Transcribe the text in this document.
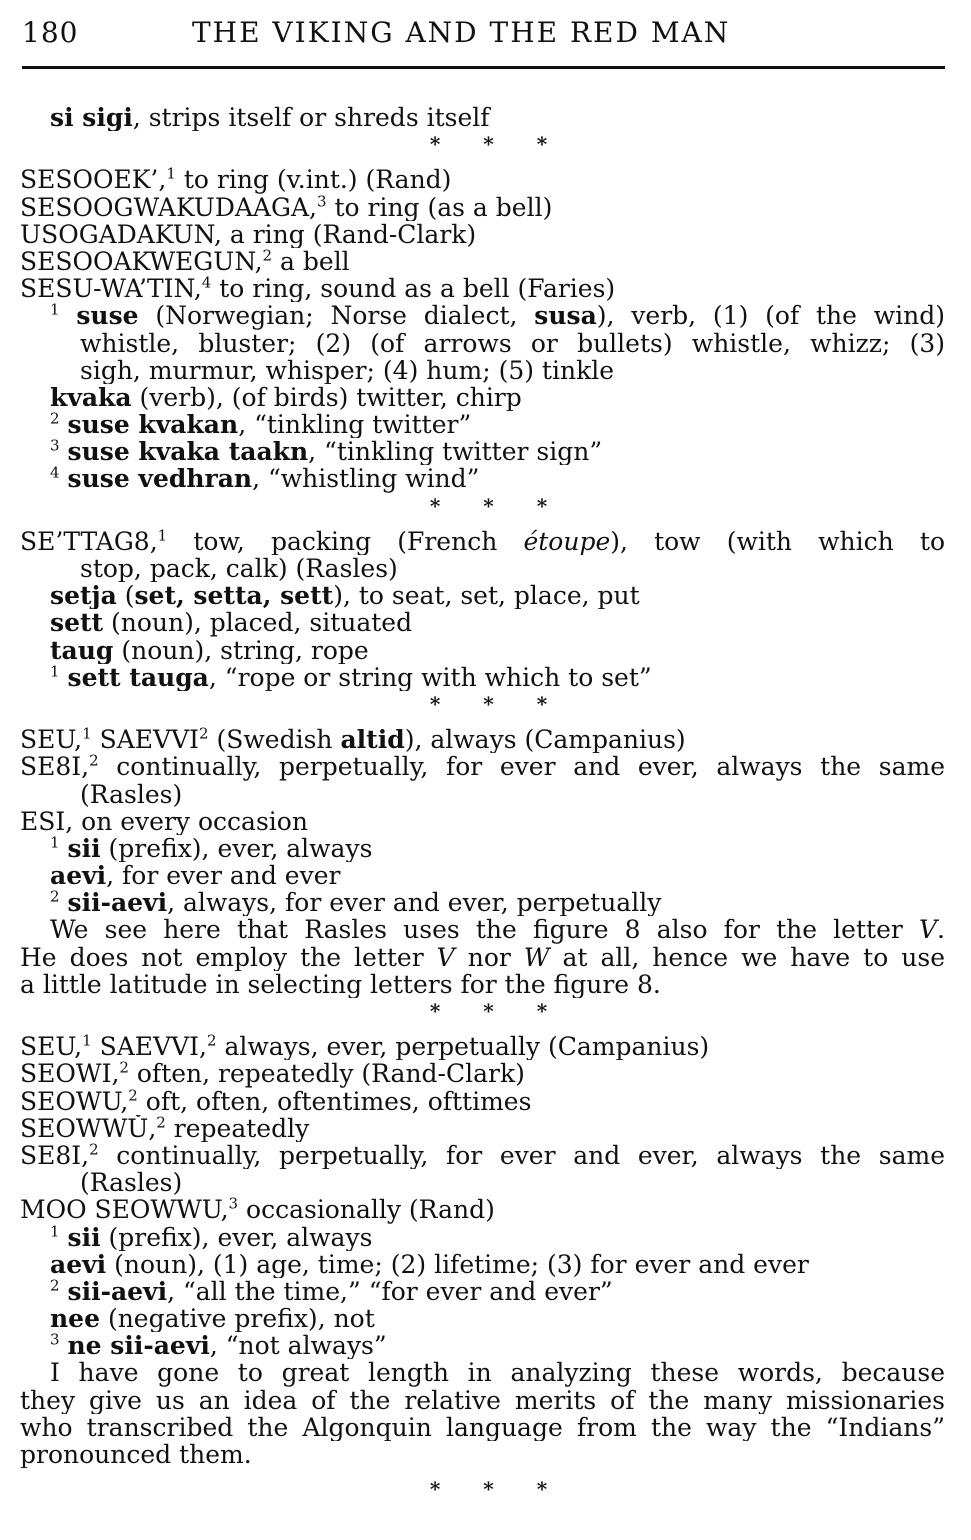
180	THE VIKING AND THE RED MAN
si sigi, strips itself or shreds itself
* * *
SESOOEK’,$^1$ to ring (v.int.) (Rand)
SESOOGWAKUDAAGA,$^3$ to ring (as a bell)
USOGADAKUN, a ring (Rand-Clark)
SESOOAKWEGUN,$^2$ a bell
SESU-WA’TIN,$^4$ to ring, sound as a bell (Faries)
$^1$ suse (Norwegian; Norse dialect, susa), verb, (1) (of the wind)
whistle, bluster; (2) (of arrows or bullets) whistle, whizz; (3)
sigh, murmur, whisper; (4) hum; (5) tinkle
kvaka (verb), (of birds) twitter, chirp
$^2$ suse kvakan, “tinkling twitter”
$^3$ suse kvaka taakn, “tinkling twitter sign”
$^4$ suse vedhran, “whistling wind”
* * *
SE’TTAG8,$^1$ tow, packing (French étoupe), tow (with which to
stop, pack, calk) (Rasles)
setja (set, setta, sett), to seat, set, place, put
sett (noun), placed, situated
taug (noun), string, rope
$^1$ sett tauga, “rope or string with which to set”
* * *
SEU,$^1$ SAEVVI$^2$ (Swedish altid), always (Campanius)
SE8I,$^2$ continually, perpetually, for ever and ever, always the same
(Rasles)
ESI, on every occasion
$^1$ sii (prefix), ever, always
aevi, for ever and ever
$^2$ sii-aevi, always, for ever and ever, perpetually
We see here that Rasles uses the figure 8 also for the letter V.
He does not employ the letter V nor W at all, hence we have to use
a little latitude in selecting letters for the figure 8.
* * *
SEU,$^1$ SAEVVI,$^2$ always, ever, perpetually (Campanius)
SEOWI,$^2$ often, repeatedly (Rand-Clark)
SEOWU,$^2$ oft, often, oftentimes, ofttimes
SEOWWǓ,$^2$ repeatedly
SE8I,$^2$ continually, perpetually, for ever and ever, always the same
(Rasles)
MOO SEOWWU,$^3$ occasionally (Rand)
$^1$ sii (prefix), ever, always
aevi (noun), (1) age, time; (2) lifetime; (3) for ever and ever
$^2$ sii-aevi, “all the time,” “for ever and ever”
nee (negative prefix), not
$^3$ ne sii-aevi, “not always”
I have gone to great length in analyzing these words, because
they give us an idea of the relative merits of the many missionaries
who transcribed the Algonquin language from the way the “Indians”
pronounced them.
* * *
